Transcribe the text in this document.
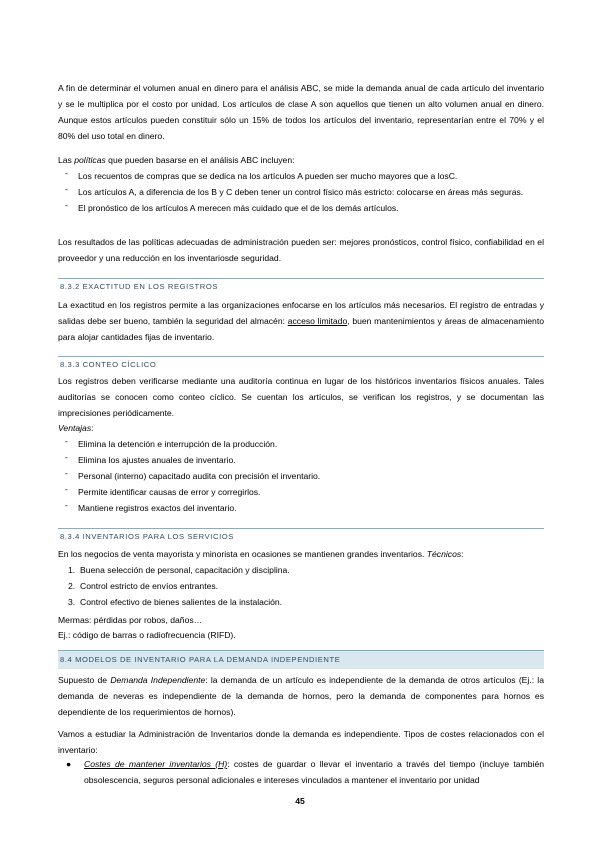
A fin de determinar el volumen anual en dinero para el análisis ABC, se mide la demanda anual de cada artículo del inventario y se le multiplica por el costo por unidad. Los artículos de clase A son aquellos que tienen un alto volumen anual en dinero. Aunque estos artículos pueden constituir sólo un 15% de todos los artículos del inventario, representarían entre el 70% y el 80% del uso total en dinero.

Las políticas que pueden basarse en el análisis ABC incluyen:

- Los recuentos de compras que se dedica na los artículos A pueden ser mucho mayores que a losC.
- Los artículos A, a diferencia de los B y C deben tener un control físico más estricto: colocarse en áreas más seguras.
- El pronóstico de los artículos A merecen más cuidado que el de los demás artículos.

Los resultados de las políticas adecuadas de administración pueden ser: mejores pronósticos, control físico, confiabilidad en el proveedor y una reducción en los inventariosde seguridad.

8.3.2 EXACTITUD EN LOS REGISTROS

La exactitud en los registros permite a las organizaciones enfocarse en los artículos más necesarios. El registro de entradas y salidas debe ser bueno, también la seguridad del almacén: acceso limitado, buen mantenimientos y áreas de almacenamiento para alojar cantidades fijas de inventario.

8.3.3 CONTEO CÍCLICO

Los registros deben verificarse mediante una auditoría continua en lugar de los históricos inventarios físicos anuales. Tales auditorías se conocen como conteo cíclico. Se cuentan los artículos, se verifican los registros, y se documentan las imprecisiones periódicamente.

Ventajas:

- Elimina la detención e interrupción de la producción.
- Elimina los ajustes anuales de inventario.
- Personal (interno) capacitado audita con precisión el inventario.
- Permite identificar causas de error y corregirlos.
- Mantiene registros exactos del inventario.
8.3.4 INVENTARIOS PARA LOS SERVICIOS

En los negocios de venta mayorista y minorista en ocasiones se mantienen grandes inventarios. Técnicos:

1. Buena selección de personal, capacitación y disciplina.
2. Control estricto de envíos entrantes.
3. Control efectivo de bienes salientes de la instalación.

Mermas: pérdidas por robos, daños…

Ej.: código de barras o radiofrecuencia (RIFD).

8.4 MODELOS DE INVENTARIO PARA LA DEMANDA INDEPENDIENTE

Supuesto de Demanda Independiente: la demanda de un artículo es independiente de la demanda de otros artículos (Ej.: la demanda de neveras es independiente de la demanda de hornos, pero la demanda de componentes para hornos es dependiente de los requerimientos de hornos).

Vamos a estudiar la Administración de Inventarios donde la demanda es independiente. Tipos de costes relacionados con el inventario:

● Costes de mantener inventarios (H): costes de guardar o llevar el inventario a través del tiempo (incluye también obsolescencia, seguros personal adicionales e intereses vinculados a mantener el inventario por unidad

45
